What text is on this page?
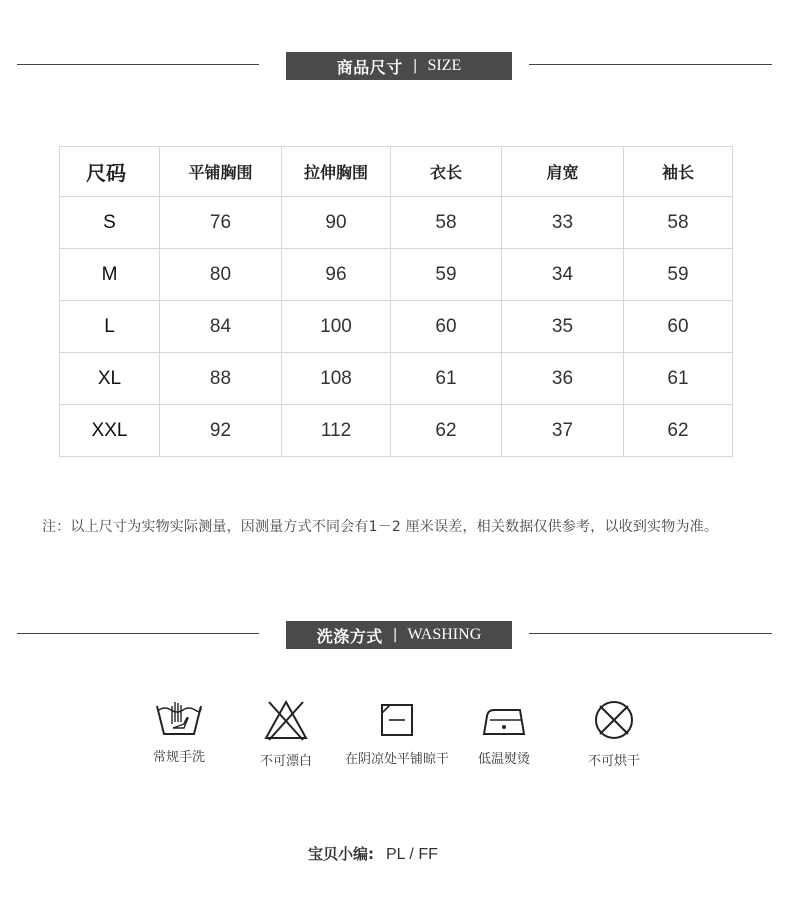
商品尺寸 | SIZE
尺码	平铺胸围	拉伸胸围	衣长	肩宽	袖长
S	76	90	58	33	58
M	80	96	59	34	59
L	84	100	60	35	60
XL	88	108	61	36	61
XXL	92	112	62	37	62
注：以上尺寸为实物实际测量，因测量方式不同会有1－2 厘米误差，相关数据仅供参考，以收到实物为准。
洗涤方式 | WASHING
常规手洗	不可漂白	在阴凉处平铺晾干	低温熨烫	不可烘干
宝贝小编: PL / FF
